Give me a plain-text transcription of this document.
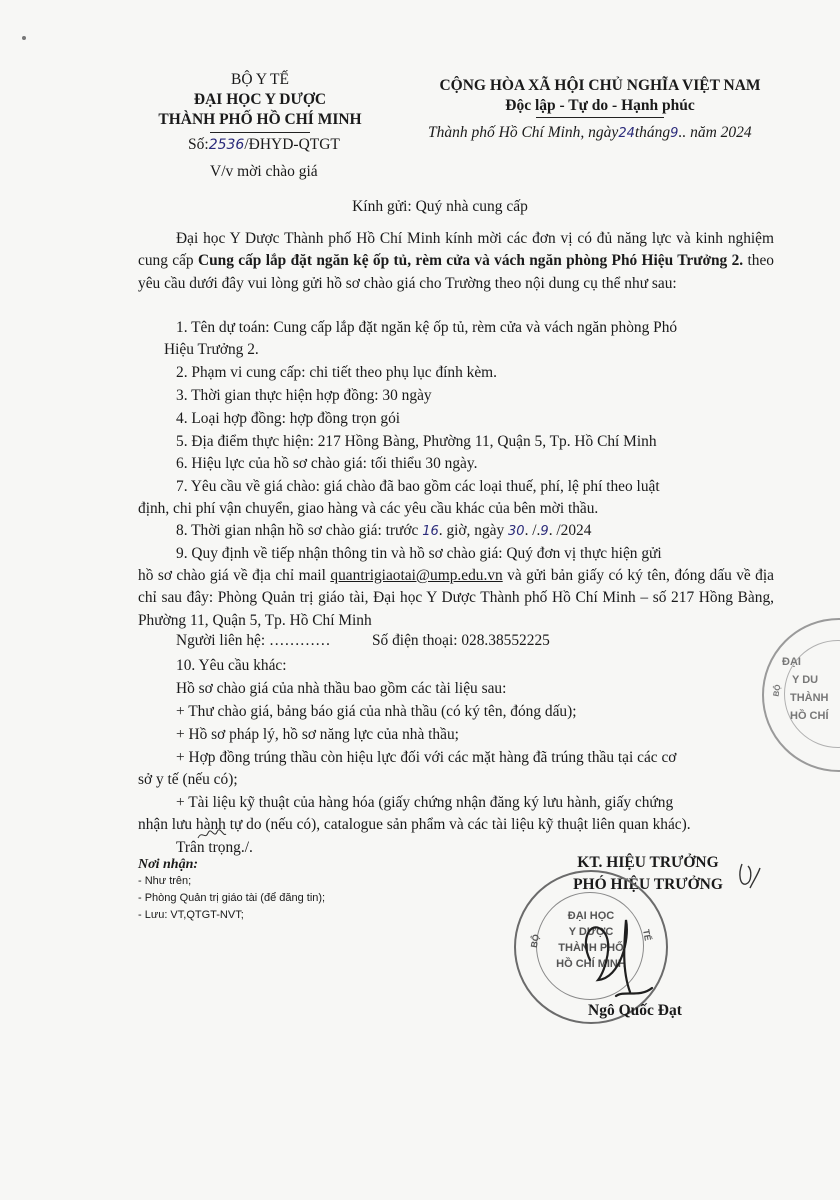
BỘ Y TẾ
ĐẠI HỌC Y DƯỢC
THÀNH PHỐ HỒ CHÍ MINH
Số:2536/ĐHYD-QTGT
V/v mời chào giá
CỘNG HÒA XÃ HỘI CHỦ NGHĨA VIỆT NAM
Độc lập - Tự do - Hạnh phúc
Thành phố Hồ Chí Minh, ngày24tháng9.. năm 2024
Kính gửi: Quý nhà cung cấp
Đại học Y Dược Thành phố Hồ Chí Minh kính mời các đơn vị có đủ năng lực và kinh nghiệm cung cấp Cung cấp lắp đặt ngăn kệ ốp tủ, rèm cửa và vách ngăn phòng Phó Hiệu Trưởng 2. theo yêu cầu dưới đây vui lòng gửi hồ sơ chào giá cho Trường theo nội dung cụ thể như sau:
1. Tên dự toán: Cung cấp lắp đặt ngăn kệ ốp tủ, rèm cửa và vách ngăn phòng Phó
Hiệu Trưởng 2.
2. Phạm vi cung cấp: chi tiết theo phụ lục đính kèm.
3. Thời gian thực hiện hợp đồng: 30 ngày
4. Loại hợp đồng: hợp đồng trọn gói
5. Địa điểm thực hiện: 217 Hồng Bàng, Phường 11, Quận 5, Tp. Hồ Chí Minh
6. Hiệu lực của hồ sơ chào giá: tối thiểu 30 ngày.
7. Yêu cầu về giá chào: giá chào đã bao gồm các loại thuế, phí, lệ phí theo luật
định, chi phí vận chuyển, giao hàng và các yêu cầu khác của bên mời thầu.
8. Thời gian nhận hồ sơ chào giá: trước 16. giờ, ngày 30. /.9. /2024
9. Quy định về tiếp nhận thông tin và hồ sơ chào giá: Quý đơn vị thực hiện gửi
hồ sơ chào giá về địa chỉ mail quantrigiaotai@ump.edu.vn và gửi bản giấy có ký tên, đóng dấu về địa chỉ sau đây: Phòng Quản trị giáo tài, Đại học Y Dược Thành phố Hồ Chí Minh – số 217 Hồng Bàng, Phường 11, Quận 5, Tp. Hồ Chí Minh
Người liên hệ: …………	Số điện thoại: 028.38552225
10. Yêu cầu khác:
Hồ sơ chào giá của nhà thầu bao gồm các tài liệu sau:
+ Thư chào giá, bảng báo giá của nhà thầu (có ký tên, đóng dấu);
+ Hồ sơ pháp lý, hồ sơ năng lực của nhà thầu;
+ Hợp đồng trúng thầu còn hiệu lực đối với các mặt hàng đã trúng thầu tại các cơ
sở y tế (nếu có);
+ Tài liệu kỹ thuật của hàng hóa (giấy chứng nhận đăng ký lưu hành, giấy chứng
nhận lưu hành tự do (nếu có), catalogue sản phẩm và các tài liệu kỹ thuật liên quan khác).
Trân trọng./.
Nơi nhận:
- Như trên;
- Phòng Quản trị giáo tài (để đăng tin);
- Lưu: VT,QTGT-NVT;
KT. HIỆU TRƯỞNG
PHÓ HIỆU TRƯỞNG
BỘ
ĐẠI HỌC
Y DƯỢC
THÀNH PHỐ
HỒ CHÍ MINH
TẾ
Ngô Quốc Đạt
ĐẠI
Y DU
THÀNH
HỒ CHÍ
BỘ
